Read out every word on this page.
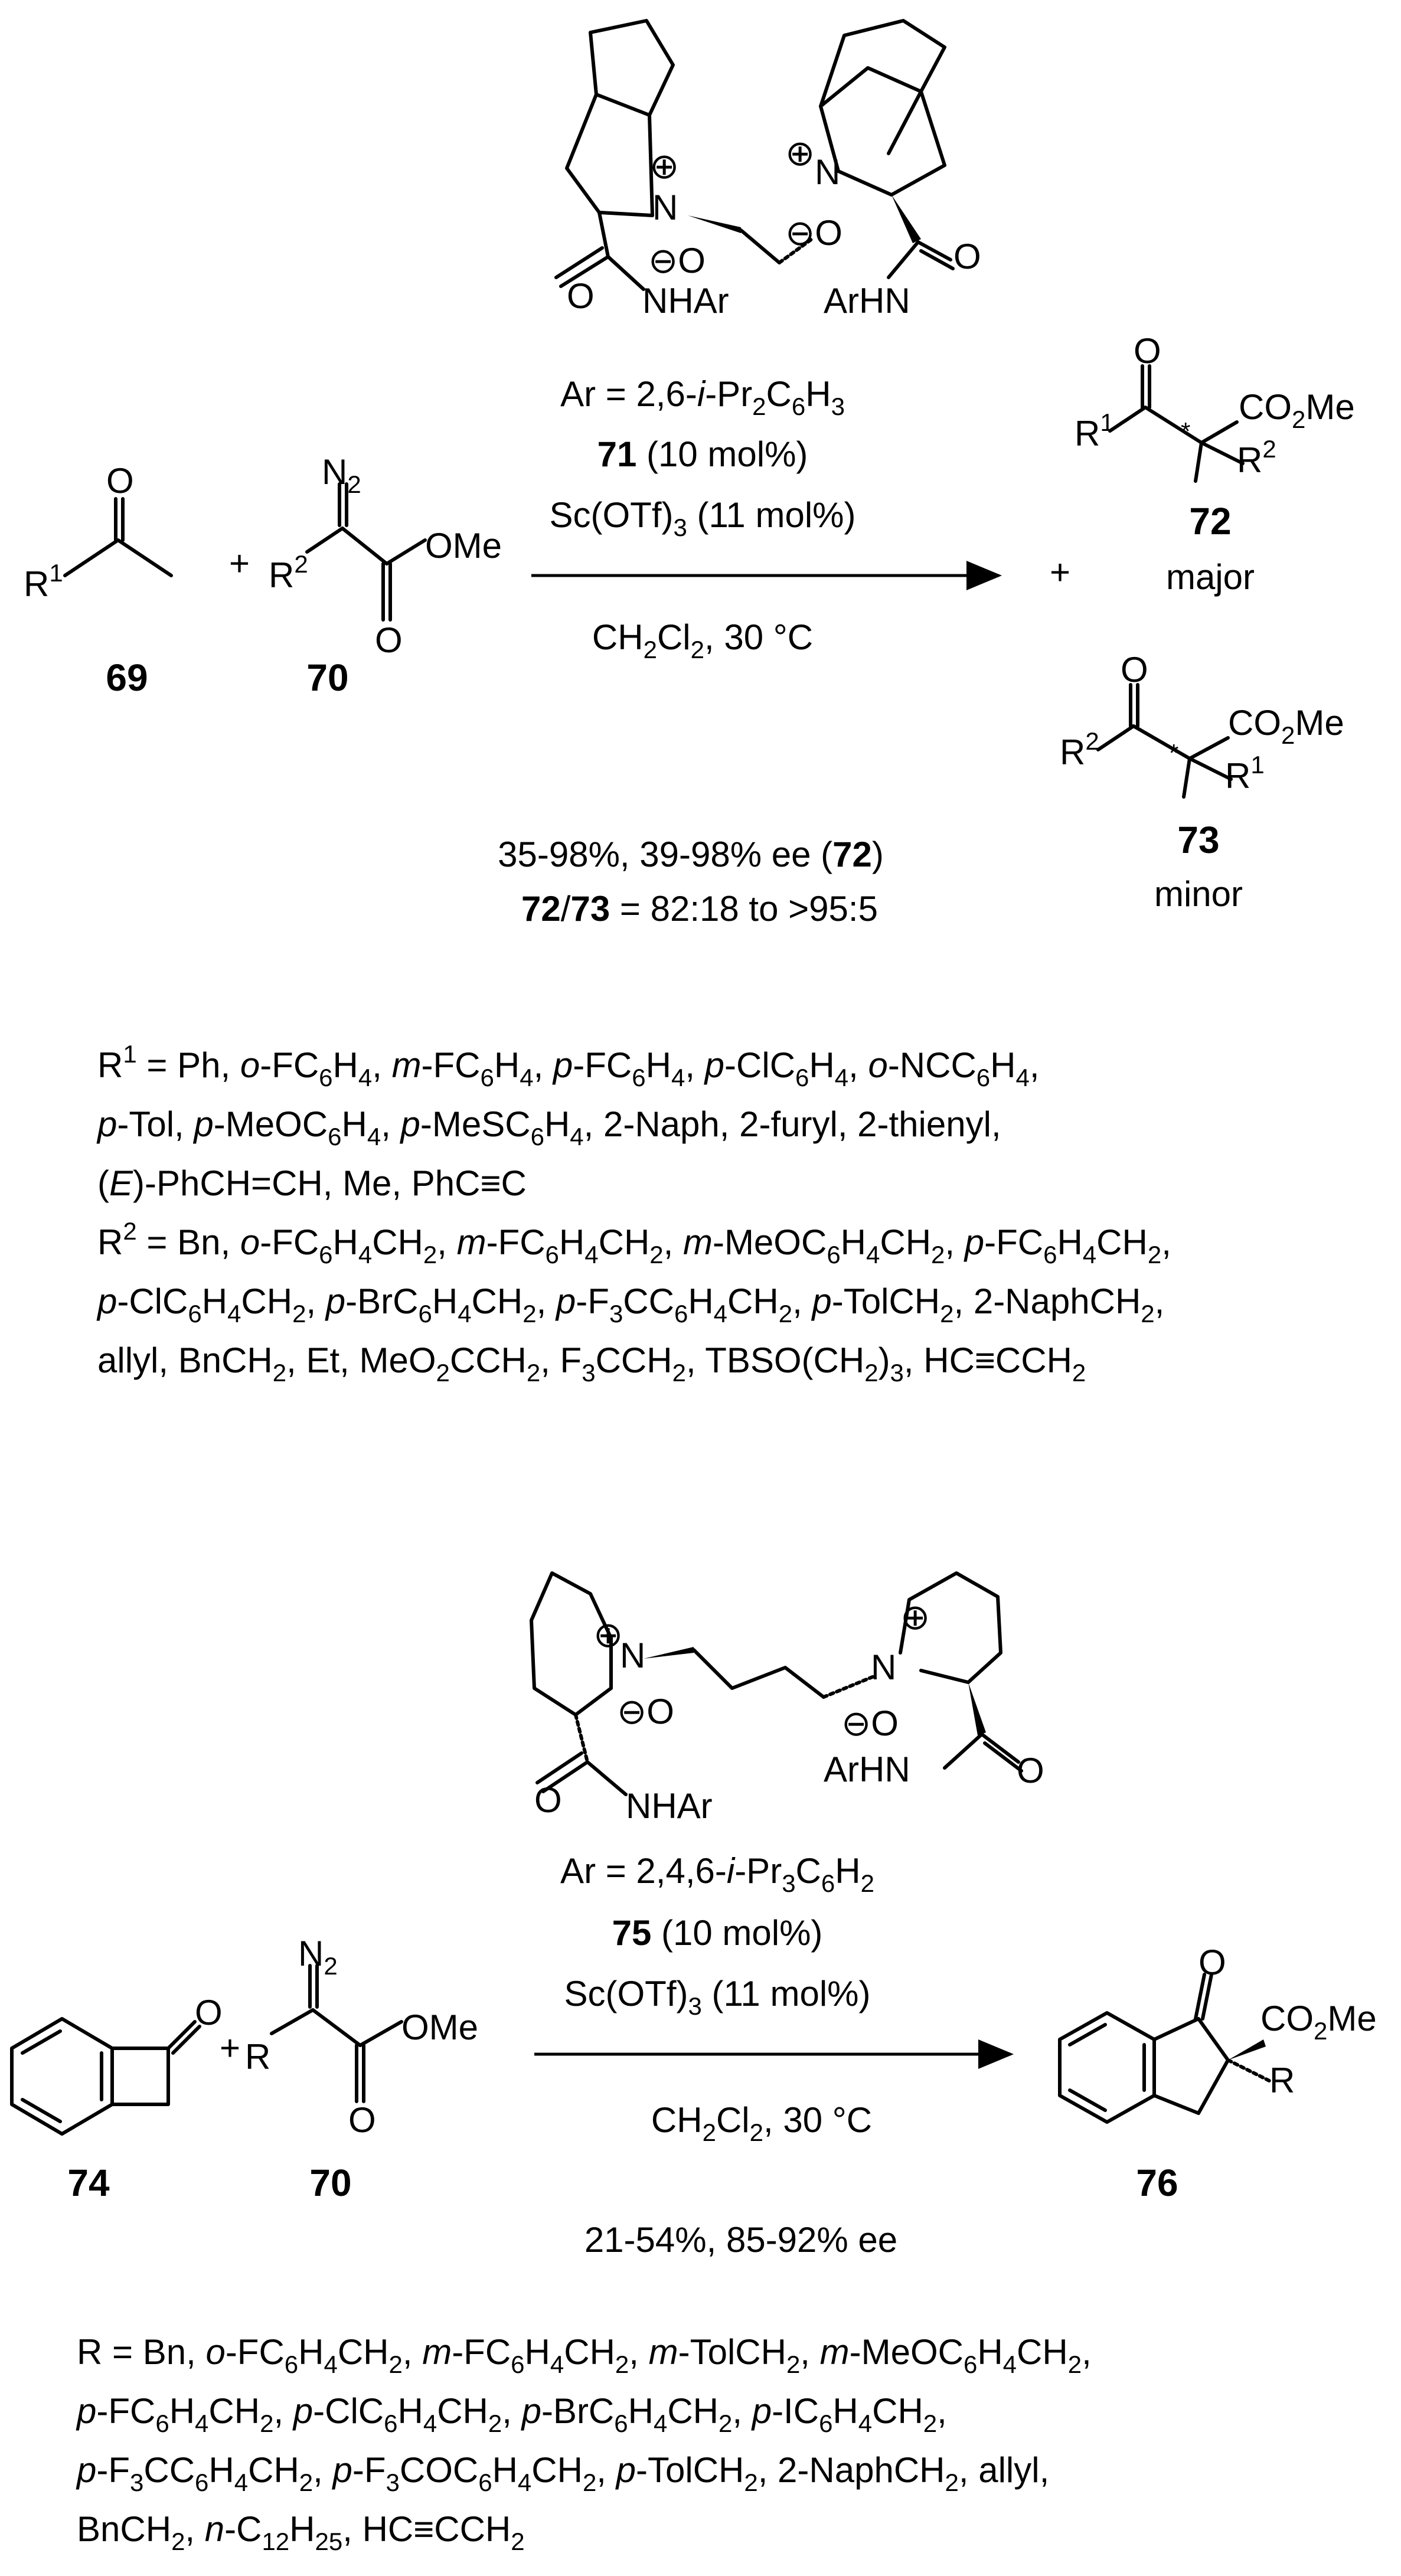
⊕
N
⊖O
O NHAr
⊕ N
⊖O
O
ArHN
$Ar = 2,6-i-Pr_2C_6H_3$
71 (10 mol%)
$Sc(OTf)_3$ (11 mol%)
$CH_2Cl_2$, 30 °C
O
$R^1$
69
+
$N_2$
$R^2$	OMe
O
70
O
$R^1$	$CO_2Me$
$R^2$
*
72
+	major
O
$R^2$	$CO_2Me$
$R^1$
*
73
minor
35-98%, 39-98% ee (72)
72/73 = 82:18 to >95:5
$R^1 = Ph$, $o-FC_6H_4$, $m-FC_6H_4$, $p-FC_6H_4$, $p-ClC_6H_4$, $o-NCC_6H_4$,
p-Tol, $p-MeOC_6H_4$, $p-MeSC_6H_4$, 2-Naph, 2-furyl, 2-thienyl,
(E)-PhCH=CH, Me, PhC≡C
$R^2 = Bn$, $o-FC_6H_4CH_2$, $m-FC_6H_4CH_2$, $m-MeOC_6H_4CH_2$, $p-FC_6H_4CH_2$,
$p-ClC_6H_4CH_2$, $p-BrC_6H_4CH_2$, $p-F_3CC_6H_4CH_2$, p-TolCH$_2$, 2-NaphCH$_2$,
allyl, BnCH$_2$, Et, $MeO_2CCH_2$, $F_3CCH_2$, $TBSO(CH_2)_3$, $HC\equiv CCH_2$
⊕
N
⊖O
O NHAr
N
⊕
⊖O
O
ArHN
$Ar = 2,4,6-i-Pr_3C_6H_2$
75 (10 mol%)
$Sc(OTf)_3$ (11 mol%)
$CH_2Cl_2$, 30 °C
O
74
+
$N_2$
R
OMe
O
70
O
$CO_2Me$
R
76
21-54%, 85-92% ee
R = Bn, $o-FC_6H_4CH_2$, $m-FC_6H_4CH_2$, m-TolCH$_2$, $m-MeOC_6H_4CH_2$,
$p-FC_6H_4CH_2$, $p-ClC_6H_4CH_2$, $p-BrC_6H_4CH_2$, $p-IC_6H_4CH_2$,
$p-F_3CC_6H_4CH_2$, $p-F_3COC_6H_4CH_2$, p-TolCH$_2$, 2-NaphCH$_2$, allyl,
BnCH$_2$, $n-C_{12}H_{25}$, $HC\equiv CCH_2$
